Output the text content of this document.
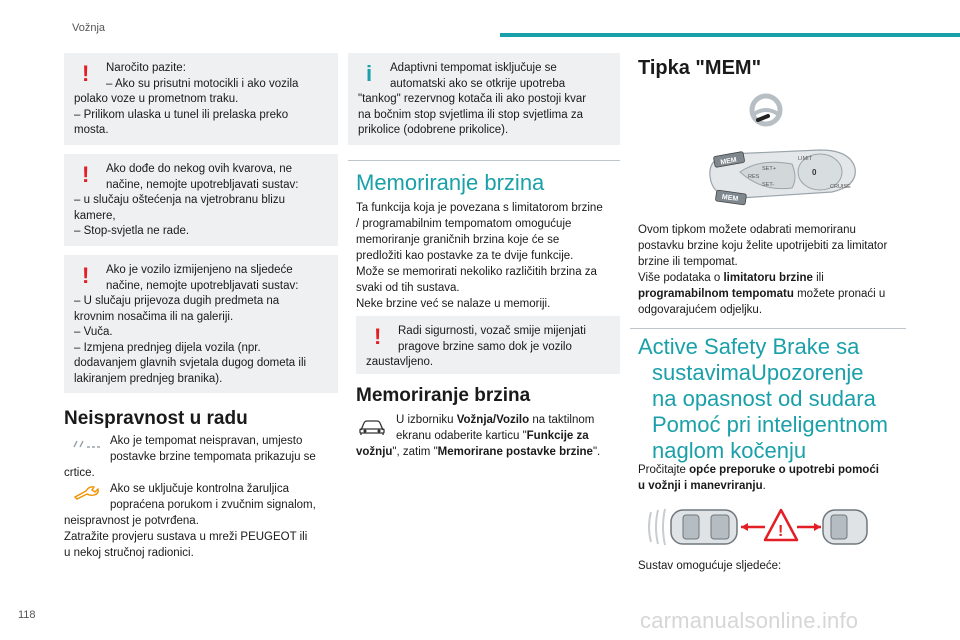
Vožnja
!	Naročito pazite:
– Ako su prisutni motocikli i ako vozila
polako voze u prometnom traku.
– Prilikom ulaska u tunel ili prelaska preko
mosta.
!	Ako dođe do nekog ovih kvarova, ne
načine, nemojte upotrebljavati sustav:
– u slučaju oštećenja na vjetrobranu blizu
kamere,
– Stop-svjetla ne rade.
!	Ako je vozilo izmijenjeno na sljedeće
načine, nemojte upotrebljavati sustav:
– U slučaju prijevoza dugih predmeta na
krovnim nosačima ili na galeriji.
– Vuča.
– Izmjena prednjeg dijela vozila (npr.
dodavanjem glavnih svjetala dugog dometa ili
lakiranjem prednjeg branika).
Neispravnost u radu
Ako je tempomat neispravan, umjesto
postavke brzine tempomata prikazuju se
crtice.
Ako se uključuje kontrolna žaruljica
popraćena porukom i zvučnim signalom,
neispravnost je potvrđena.
Zatražite provjeru sustava u mreži PEUGEOT ili
u nekoj stručnoj radionici.
i	Adaptivni tempomat isključuje se
automatski ako se otkrije upotreba
"tankog" rezervnog kotača ili ako postoji kvar
na bočnim stop svjetlima ili stop svjetlima za
prikolice (odobrene prikolice).
Memoriranje brzina
Ta funkcija koja je povezana s limitatorom brzine
/ programabilnim tempomatom omogućuje
memoriranje graničnih brzina koje će se
predložiti kao postavke za te dvije funkcije.
Može se memorirati nekoliko različitih brzina za
svaki od tih sustava.
Neke brzine već se nalaze u memoriji.
!	Radi sigurnosti, vozač smije mijenjati
pragove brzine samo dok je vozilo
zaustavljeno.
Memoriranje brzina
U izborniku Vožnja/Vozilo na taktilnom
ekranu odaberite karticu "Funkcije za
vožnju", zatim "Memorirane postavke brzine".
Tipka "MEM"
MEM
MEM
SET+
SET-
LIMIT
0
CRUISE
RES
Ovom tipkom možete odabrati memoriranu
postavku brzine koju želite upotrijebiti za limitator
brzine ili tempomat.
Više podataka o limitatoru brzine ili
programabilnom tempomatu možete pronaći u
odgovarajućem odjeljku.
Active Safety Brake sa
sustavimaUpozorenje
na opasnost od sudara
Pomoć pri inteligentnom
naglom kočenju
Pročitajte opće preporuke o upotrebi pomoći
u vožnji i manevriranju.
!
Sustav omogućuje sljedeće:
118	carmanualsonline.info
